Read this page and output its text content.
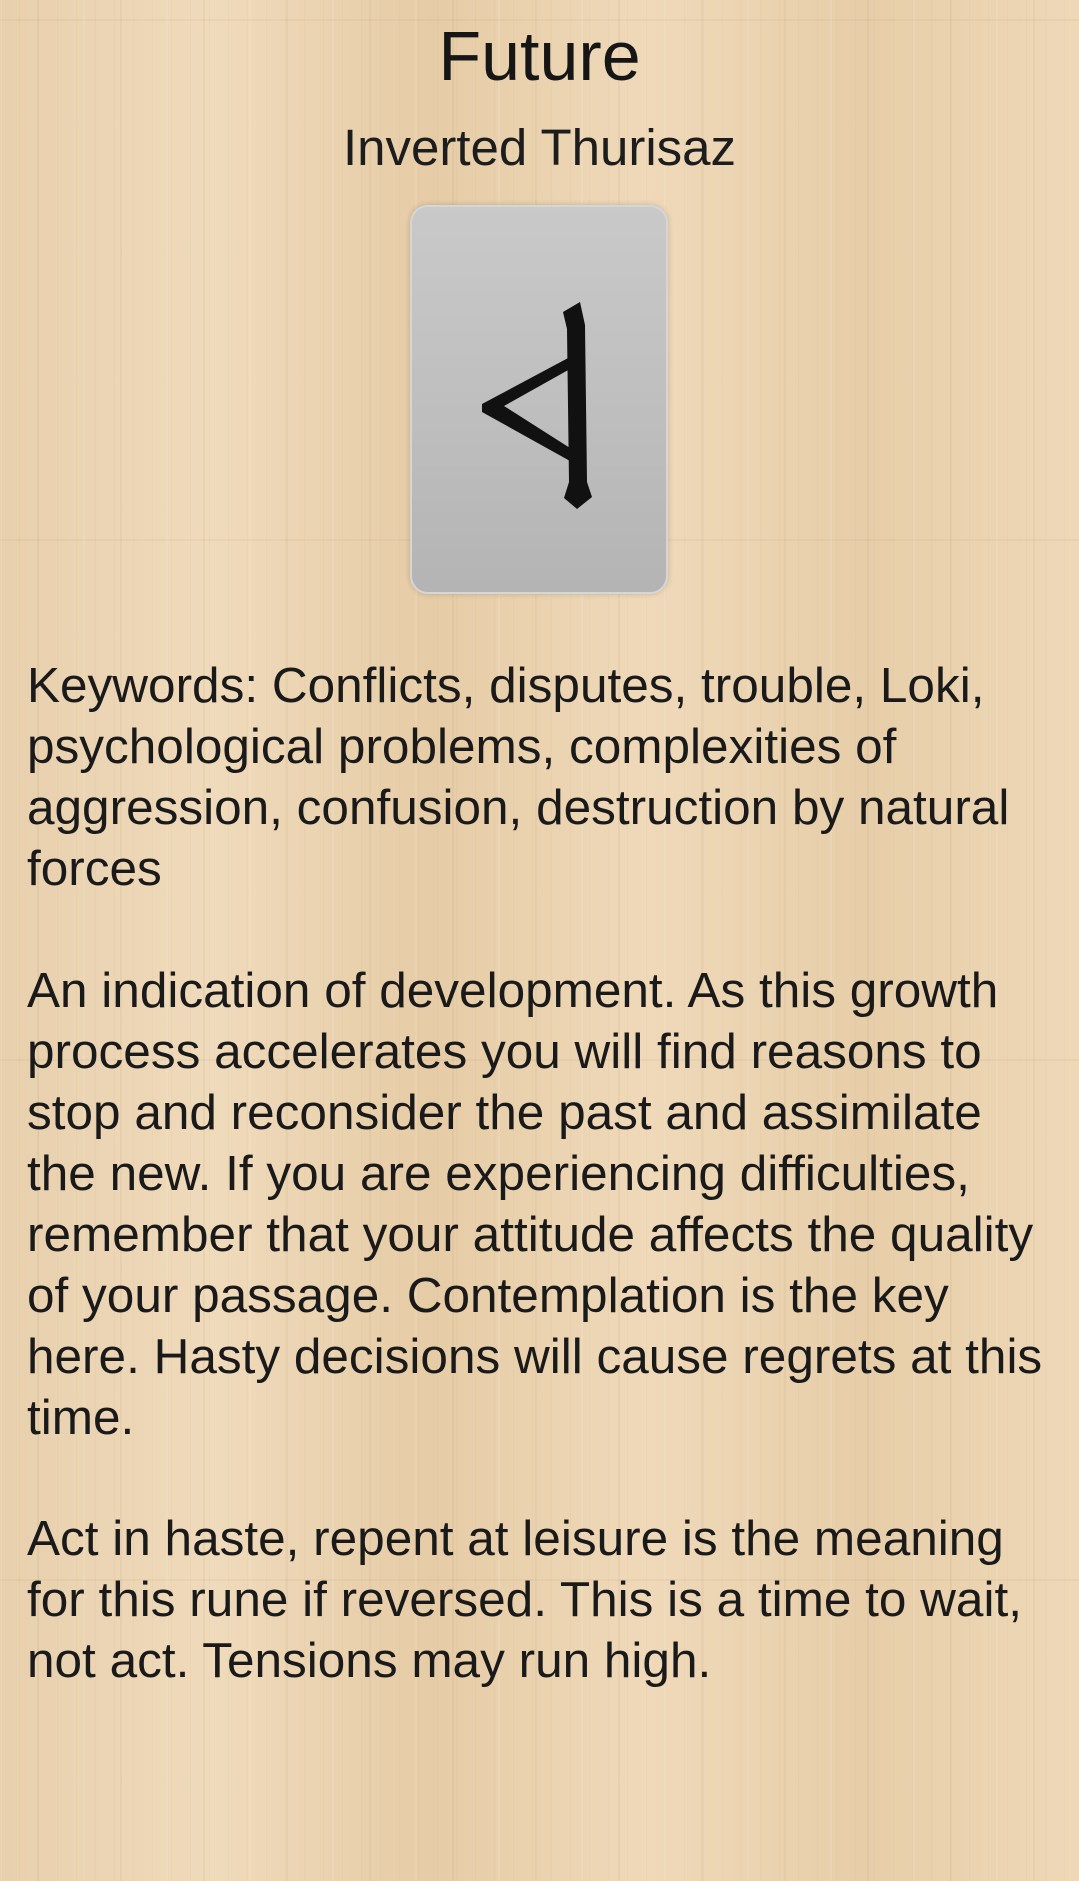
Future
Inverted Thurisaz

Keywords: Conflicts, disputes, trouble, Loki, psychological problems, complexities of aggression, confusion, destruction by natural forces

An indication of development. As this growth process accelerates you will find reasons to stop and reconsider the past and assimilate the new. If you are experiencing difficulties, remember that your attitude affects the quality of your passage. Contemplation is the key here. Hasty decisions will cause regrets at this time.

Act in haste, repent at leisure is the meaning for this rune if reversed. This is a time to wait, not act. Tensions may run high.
